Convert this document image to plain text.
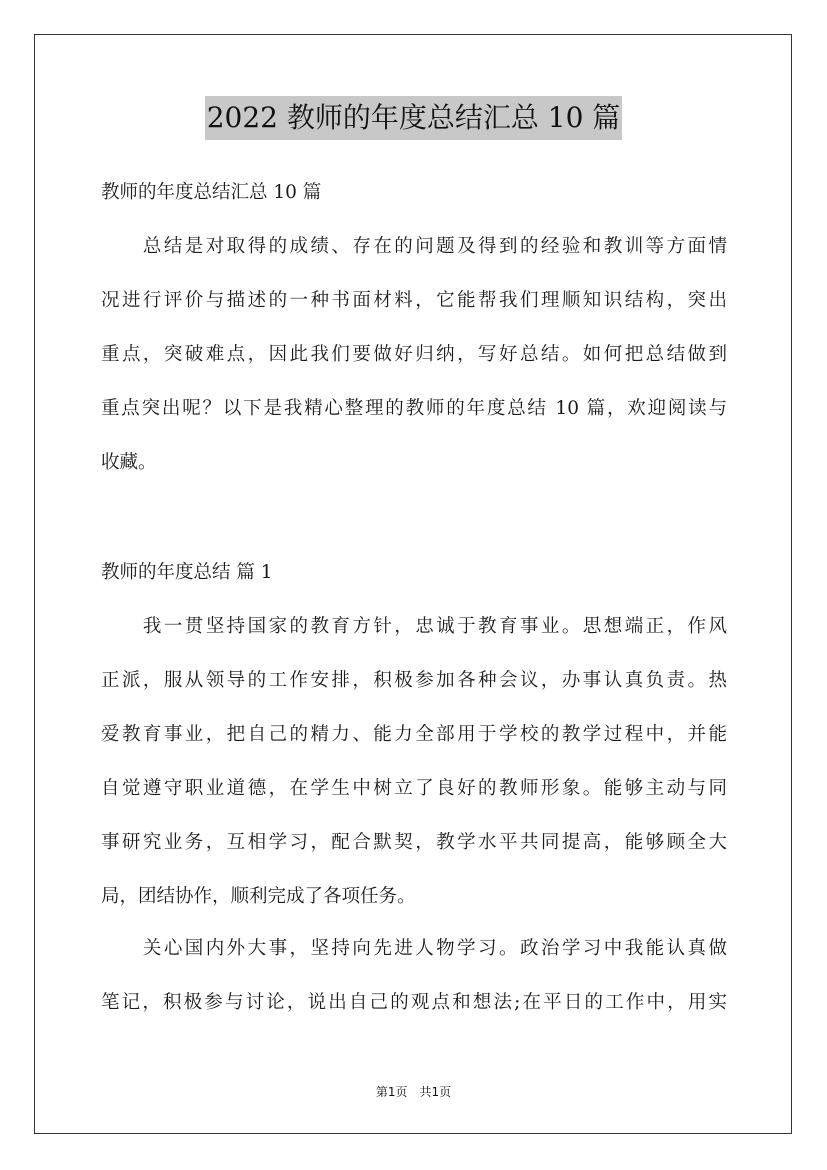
2022 教师的年度总结汇总 10 篇
教师的年度总结汇总 10 篇
　　总结是对取得的成绩、存在的问题及得到的经验和教训等方面情
况进行评价与描述的一种书面材料，它能帮我们理顺知识结构，突出
重点，突破难点，因此我们要做好归纳，写好总结。如何把总结做到
重点突出呢？以下是我精心整理的教师的年度总结 10 篇，欢迎阅读与
收藏。
教师的年度总结 篇 1
　　我一贯坚持国家的教育方针，忠诚于教育事业。思想端正，作风
正派，服从领导的工作安排，积极参加各种会议，办事认真负责。热
爱教育事业，把自己的精力、能力全部用于学校的教学过程中，并能
自觉遵守职业道德，在学生中树立了良好的教师形象。能够主动与同
事研究业务，互相学习，配合默契，教学水平共同提高，能够顾全大
局，团结协作，顺利完成了各项任务。
　　关心国内外大事，坚持向先进人物学习。政治学习中我能认真做
笔记，积极参与讨论，说出自己的观点和想法;在平日的工作中，用实
第1页　共1页
